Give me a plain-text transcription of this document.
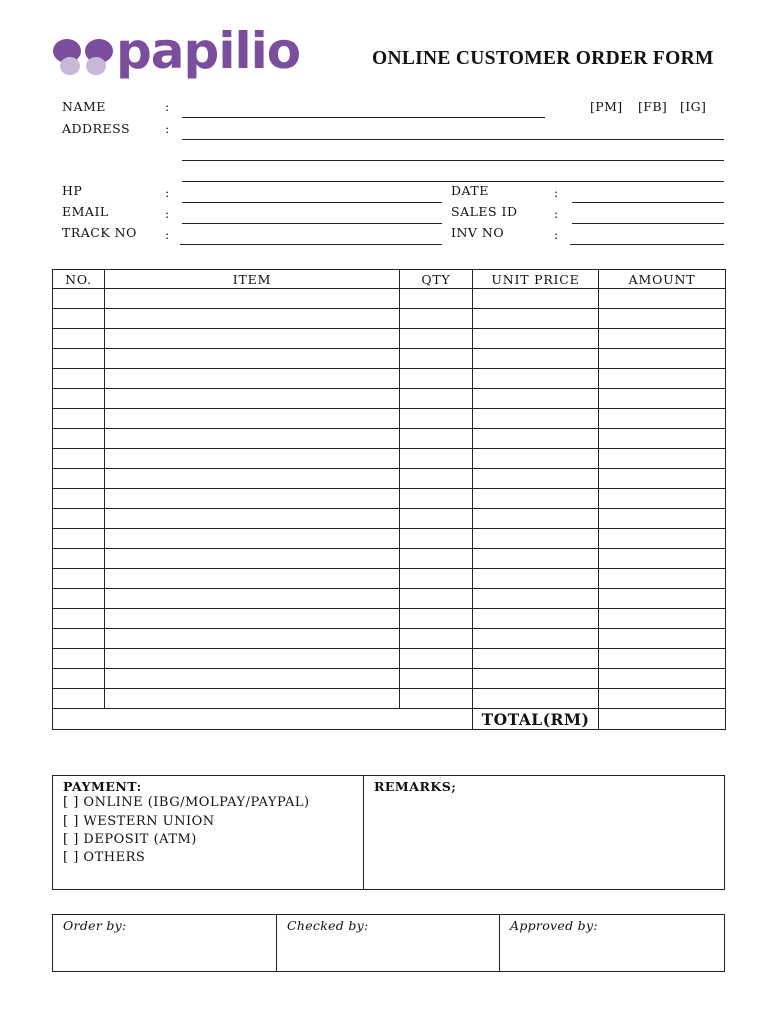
papilio	ONLINE CUSTOMER ORDER FORM
NAME	:	[PM] [FB] [IG]
ADDRESS	:
HP	:	DATE	:
EMAIL	:	SALES ID	:
TRACK NO :	INV NO	:
NO.	ITEM	QTY	UNIT PRICE	AMOUNT

			TOTAL(RM)	
PAYMENT:
[ ] ONLINE (IBG/MOLPAY/PAYPAL)
[ ] WESTERN UNION
[ ] DEPOSIT (ATM)
[ ] OTHERS
REMARKS;
Order by:	Checked by:	Approved by:
